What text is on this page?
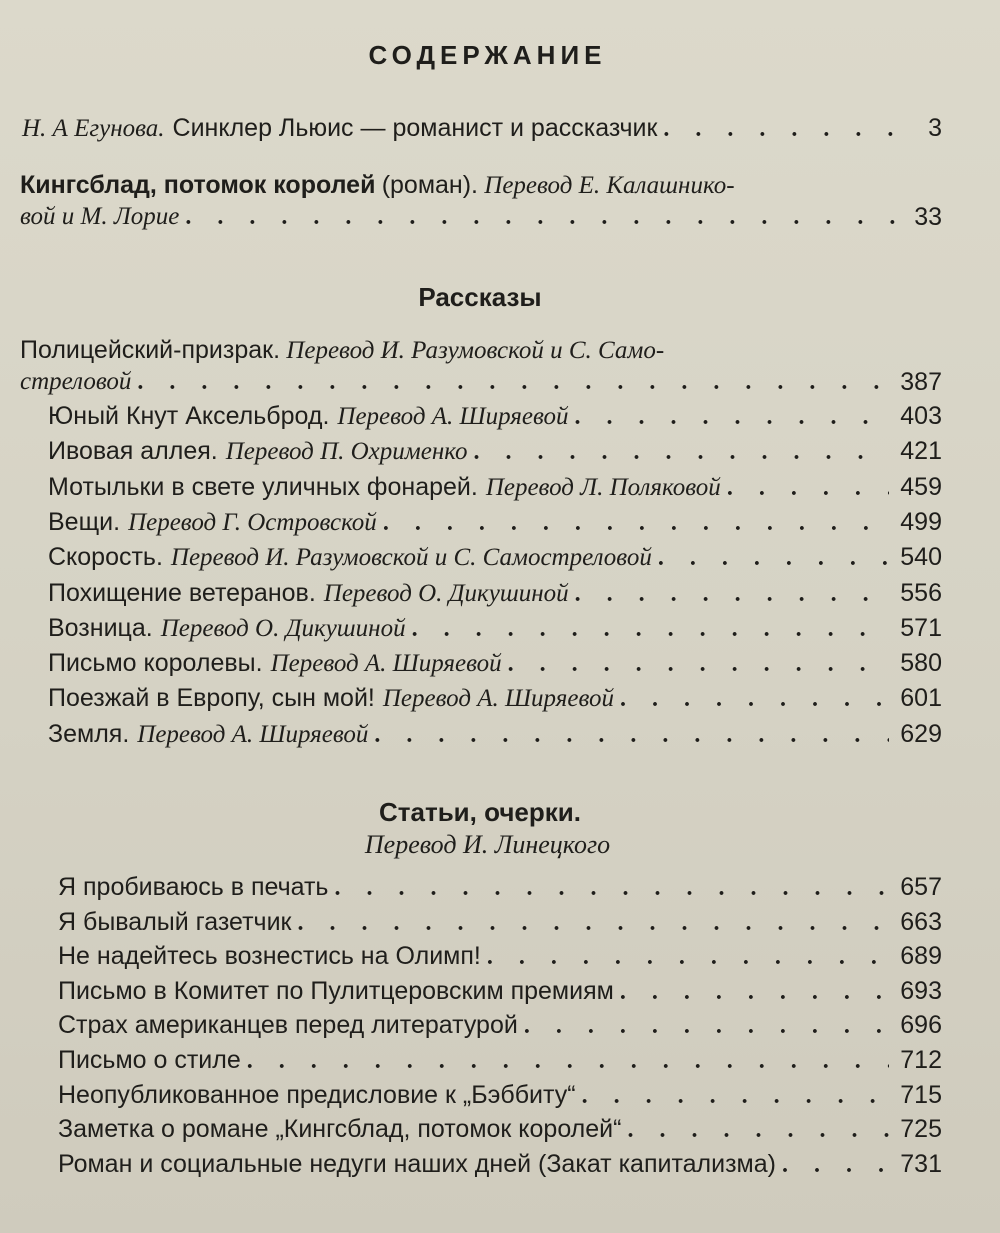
СОДЕРЖАНИЕ
Н. А Егунова. Синклер Льюис — романист и рассказчик . . .	3
Кингсблад, потомок королей (роман). Перевод Е. Калашнико-
вой и М. Лорие . . .	33
Рассказы
Полицейский-призрак. Перевод И. Разумовской и С. Само-
стреловой . . .	387
Юный Кнут Аксельброд. Перевод А. Ширяевой . . .	403
Ивовая аллея. Перевод П. Охрименко . . .	421
Мотыльки в свете уличных фонарей. Перевод Л. Поляковой . . .	459
Вещи. Перевод Г. Островской . . .	499
Скорость. Перевод И. Разумовской и С. Самостреловой . . .	540
Похищение ветеранов. Перевод О. Дикушиной . . .	556
Возница. Перевод О. Дикушиной . . .	571
Письмо королевы. Перевод А. Ширяевой . . .	580
Поезжай в Европу, сын мой! Перевод А. Ширяевой . . .	601
Земля. Перевод А. Ширяевой . . .	629
Статьи, очерки.
Перевод И. Линецкого
Я пробиваюсь в печать . . .	657
Я бывалый газетчик . . .	663
Не надейтесь вознестись на Олимп! . . .	689
Письмо в Комитет по Пулитцеровским премиям . . .	693
Страх американцев перед литературой . . .	696
Письмо о стиле . . .	712
Неопубликованное предисловие к „Бэббиту“ . . .	715
Заметка о романе „Кингсблад, потомок королей“ . . .	725
Роман и социальные недуги наших дней (Закат капитализма) . . .	731
